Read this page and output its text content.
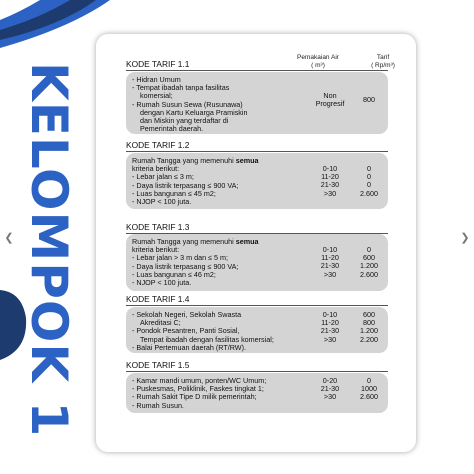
KELOMPOK 1
❮	❯
Pemakaian Air
( m³)
Tarif
( Rp/m³)
KODE TARIF 1.1
- Hidran Umum
- Tempat ibadah tanpa fasilitas
komersial;
- Rumah Susun Sewa (Rusunawa)
dengan Kartu Keluarga Pramiskin
dan Miskin yang terdaftar di
Pemerintah daerah.
Non
Progresif	800
KODE TARIF 1.2
Rumah Tangga yang memenuhi semua
kriteria berikut:
- Lebar jalan ≤ 3 m;
- Daya listrik terpasang ≤ 900 VA;
- Luas bangunan ≤ 45 m2;
- NJOP < 100 juta.
0-10
11-20
21-30
>30
0
0
0
2.600
KODE TARIF 1.3
Rumah Tangga yang memenuhi semua
kriteria berikut:
- Lebar jalan > 3 m dan ≤ 5 m;
- Daya listrik terpasang ≤ 900 VA;
- Luas bangunan ≤ 46 m2;
- NJOP < 100 juta.
0-10
11-20
21-30
>30
0
600
1.200
2.600
KODE TARIF 1.4
- Sekolah Negeri, Sekolah Swasta
Akreditasi C;
- Pondok Pesantren, Panti Sosial,
Tempat ibadah dengan fasilitas komersial;
- Balai Pertemuan daerah (RT/RW).
0-10
11-20
21-30
>30
600
800
1.200
2.200
KODE TARIF 1.5
- Kamar mandi umum, ponten/WC Umum;
- Puskesmas, Poliklinik, Faskes tingkat 1;
- Rumah Sakit Tipe D milik pemerintah;
- Rumah Susun.
0-20
21-30
>30
0
1000
2.600
